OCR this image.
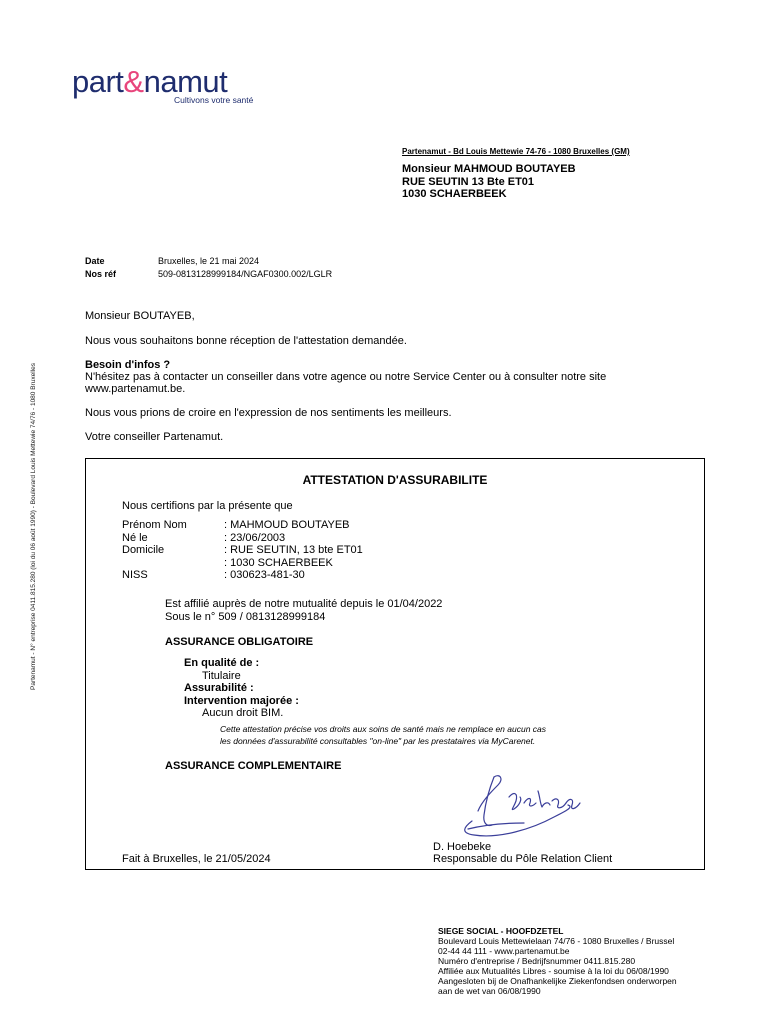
part&namut
Cultivons votre santé
Partenamut - Bd Louis Mettewie 74-76 - 1080 Bruxelles (GM)
Monsieur MAHMOUD BOUTAYEB
RUE SEUTIN 13 Bte ET01
1030 SCHAERBEEK
Date	Bruxelles, le 21 mai 2024
Nos réf	509-0813128999184/NGAF0300.002/LGLR
Partenamut - N° entreprise 0411.815.280 (loi du 06 août 1990) - Boulevard Louis Mettewie 74/76 - 1080 Bruxelles
Monsieur BOUTAYEB,
Nous vous souhaitons bonne réception de l'attestation demandée.
Besoin d'infos ?
N'hésitez pas à contacter un conseiller dans votre agence ou notre Service Center ou à consulter notre site
www.partenamut.be.
Nous vous prions de croire en l'expression de nos sentiments les meilleurs.
Votre conseiller Partenamut.
ATTESTATION D'ASSURABILITE
Nous certifions par la présente que
Prénom Nom	: MAHMOUD BOUTAYEB
Né le	: 23/06/2003
Domicile	: RUE SEUTIN, 13 bte ET01
: 1030 SCHAERBEEK
NISS	: 030623-481-30
Est affilié auprès de notre mutualité depuis le 01/04/2022
Sous le n° 509 / 0813128999184
ASSURANCE OBLIGATOIRE
En qualité de :
Titulaire
Assurabilité :
Intervention majorée :
Aucun droit BIM.
Cette attestation précise vos droits aux soins de santé mais ne remplace en aucun cas
les données d'assurabilité consultables "on-line" par les prestataires via MyCarenet.
ASSURANCE COMPLEMENTAIRE
D. Hoebeke
Fait à Bruxelles, le 21/05/2024	Responsable du Pôle Relation Client
SIEGE SOCIAL - HOOFDZETEL
Boulevard Louis Mettewielaan 74/76 - 1080 Bruxelles / Brussel
02-44 44 111 - www.partenamut.be
Numéro d'entreprise / Bedrijfsnummer 0411.815.280
Affiliée aux Mutualités Libres - soumise à la loi du 06/08/1990
Aangesloten bij de Onafhankelijke Ziekenfondsen onderworpen
aan de wet van 06/08/1990
